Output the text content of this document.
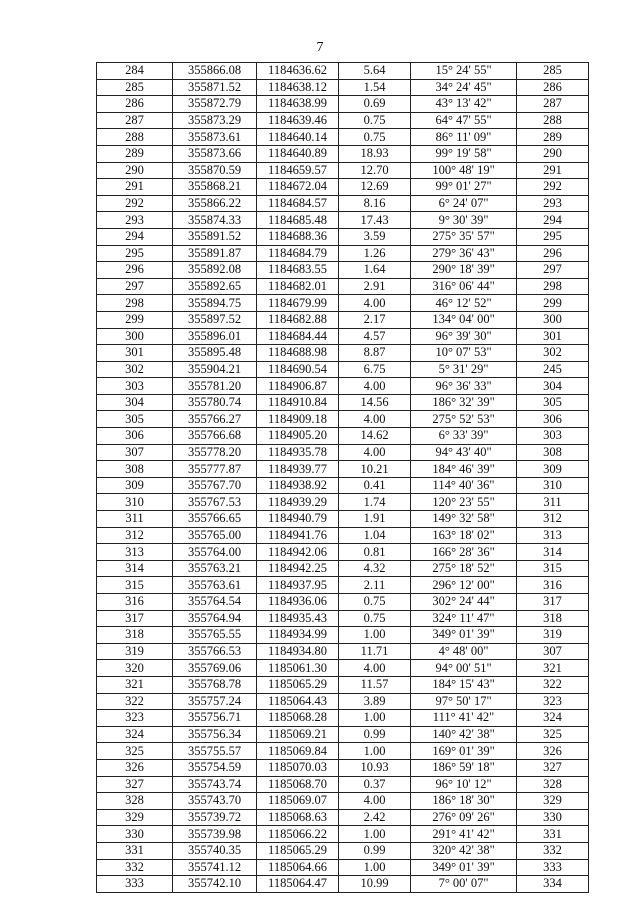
7
284	355866.08	1184636.62	5.64	15° 24' 55"	285
285	355871.52	1184638.12	1.54	34° 24' 45"	286
286	355872.79	1184638.99	0.69	43° 13' 42"	287
287	355873.29	1184639.46	0.75	64° 47' 55"	288
288	355873.61	1184640.14	0.75	86° 11' 09"	289
289	355873.66	1184640.89	18.93	99° 19' 58"	290
290	355870.59	1184659.57	12.70	100° 48' 19"	291
291	355868.21	1184672.04	12.69	99° 01' 27"	292
292	355866.22	1184684.57	8.16	6° 24' 07"	293
293	355874.33	1184685.48	17.43	9° 30' 39"	294
294	355891.52	1184688.36	3.59	275° 35' 57"	295
295	355891.87	1184684.79	1.26	279° 36' 43"	296
296	355892.08	1184683.55	1.64	290° 18' 39"	297
297	355892.65	1184682.01	2.91	316° 06' 44"	298
298	355894.75	1184679.99	4.00	46° 12' 52"	299
299	355897.52	1184682.88	2.17	134° 04' 00"	300
300	355896.01	1184684.44	4.57	96° 39' 30"	301
301	355895.48	1184688.98	8.87	10° 07' 53"	302
302	355904.21	1184690.54	6.75	5° 31' 29"	245
303	355781.20	1184906.87	4.00	96° 36' 33"	304
304	355780.74	1184910.84	14.56	186° 32' 39"	305
305	355766.27	1184909.18	4.00	275° 52' 53"	306
306	355766.68	1184905.20	14.62	6° 33' 39"	303
307	355778.20	1184935.78	4.00	94° 43' 40"	308
308	355777.87	1184939.77	10.21	184° 46' 39"	309
309	355767.70	1184938.92	0.41	114° 40' 36"	310
310	355767.53	1184939.29	1.74	120° 23' 55"	311
311	355766.65	1184940.79	1.91	149° 32' 58"	312
312	355765.00	1184941.76	1.04	163° 18' 02"	313
313	355764.00	1184942.06	0.81	166° 28' 36"	314
314	355763.21	1184942.25	4.32	275° 18' 52"	315
315	355763.61	1184937.95	2.11	296° 12' 00"	316
316	355764.54	1184936.06	0.75	302° 24' 44"	317
317	355764.94	1184935.43	0.75	324° 11' 47"	318
318	355765.55	1184934.99	1.00	349° 01' 39"	319
319	355766.53	1184934.80	11.71	4° 48' 00"	307
320	355769.06	1185061.30	4.00	94° 00' 51"	321
321	355768.78	1185065.29	11.57	184° 15' 43"	322
322	355757.24	1185064.43	3.89	97° 50' 17"	323
323	355756.71	1185068.28	1.00	111° 41' 42"	324
324	355756.34	1185069.21	0.99	140° 42' 38"	325
325	355755.57	1185069.84	1.00	169° 01' 39"	326
326	355754.59	1185070.03	10.93	186° 59' 18"	327
327	355743.74	1185068.70	0.37	96° 10' 12"	328
328	355743.70	1185069.07	4.00	186° 18' 30"	329
329	355739.72	1185068.63	2.42	276° 09' 26"	330
330	355739.98	1185066.22	1.00	291° 41' 42"	331
331	355740.35	1185065.29	0.99	320° 42' 38"	332
332	355741.12	1185064.66	1.00	349° 01' 39"	333
333	355742.10	1185064.47	10.99	7° 00' 07"	334
